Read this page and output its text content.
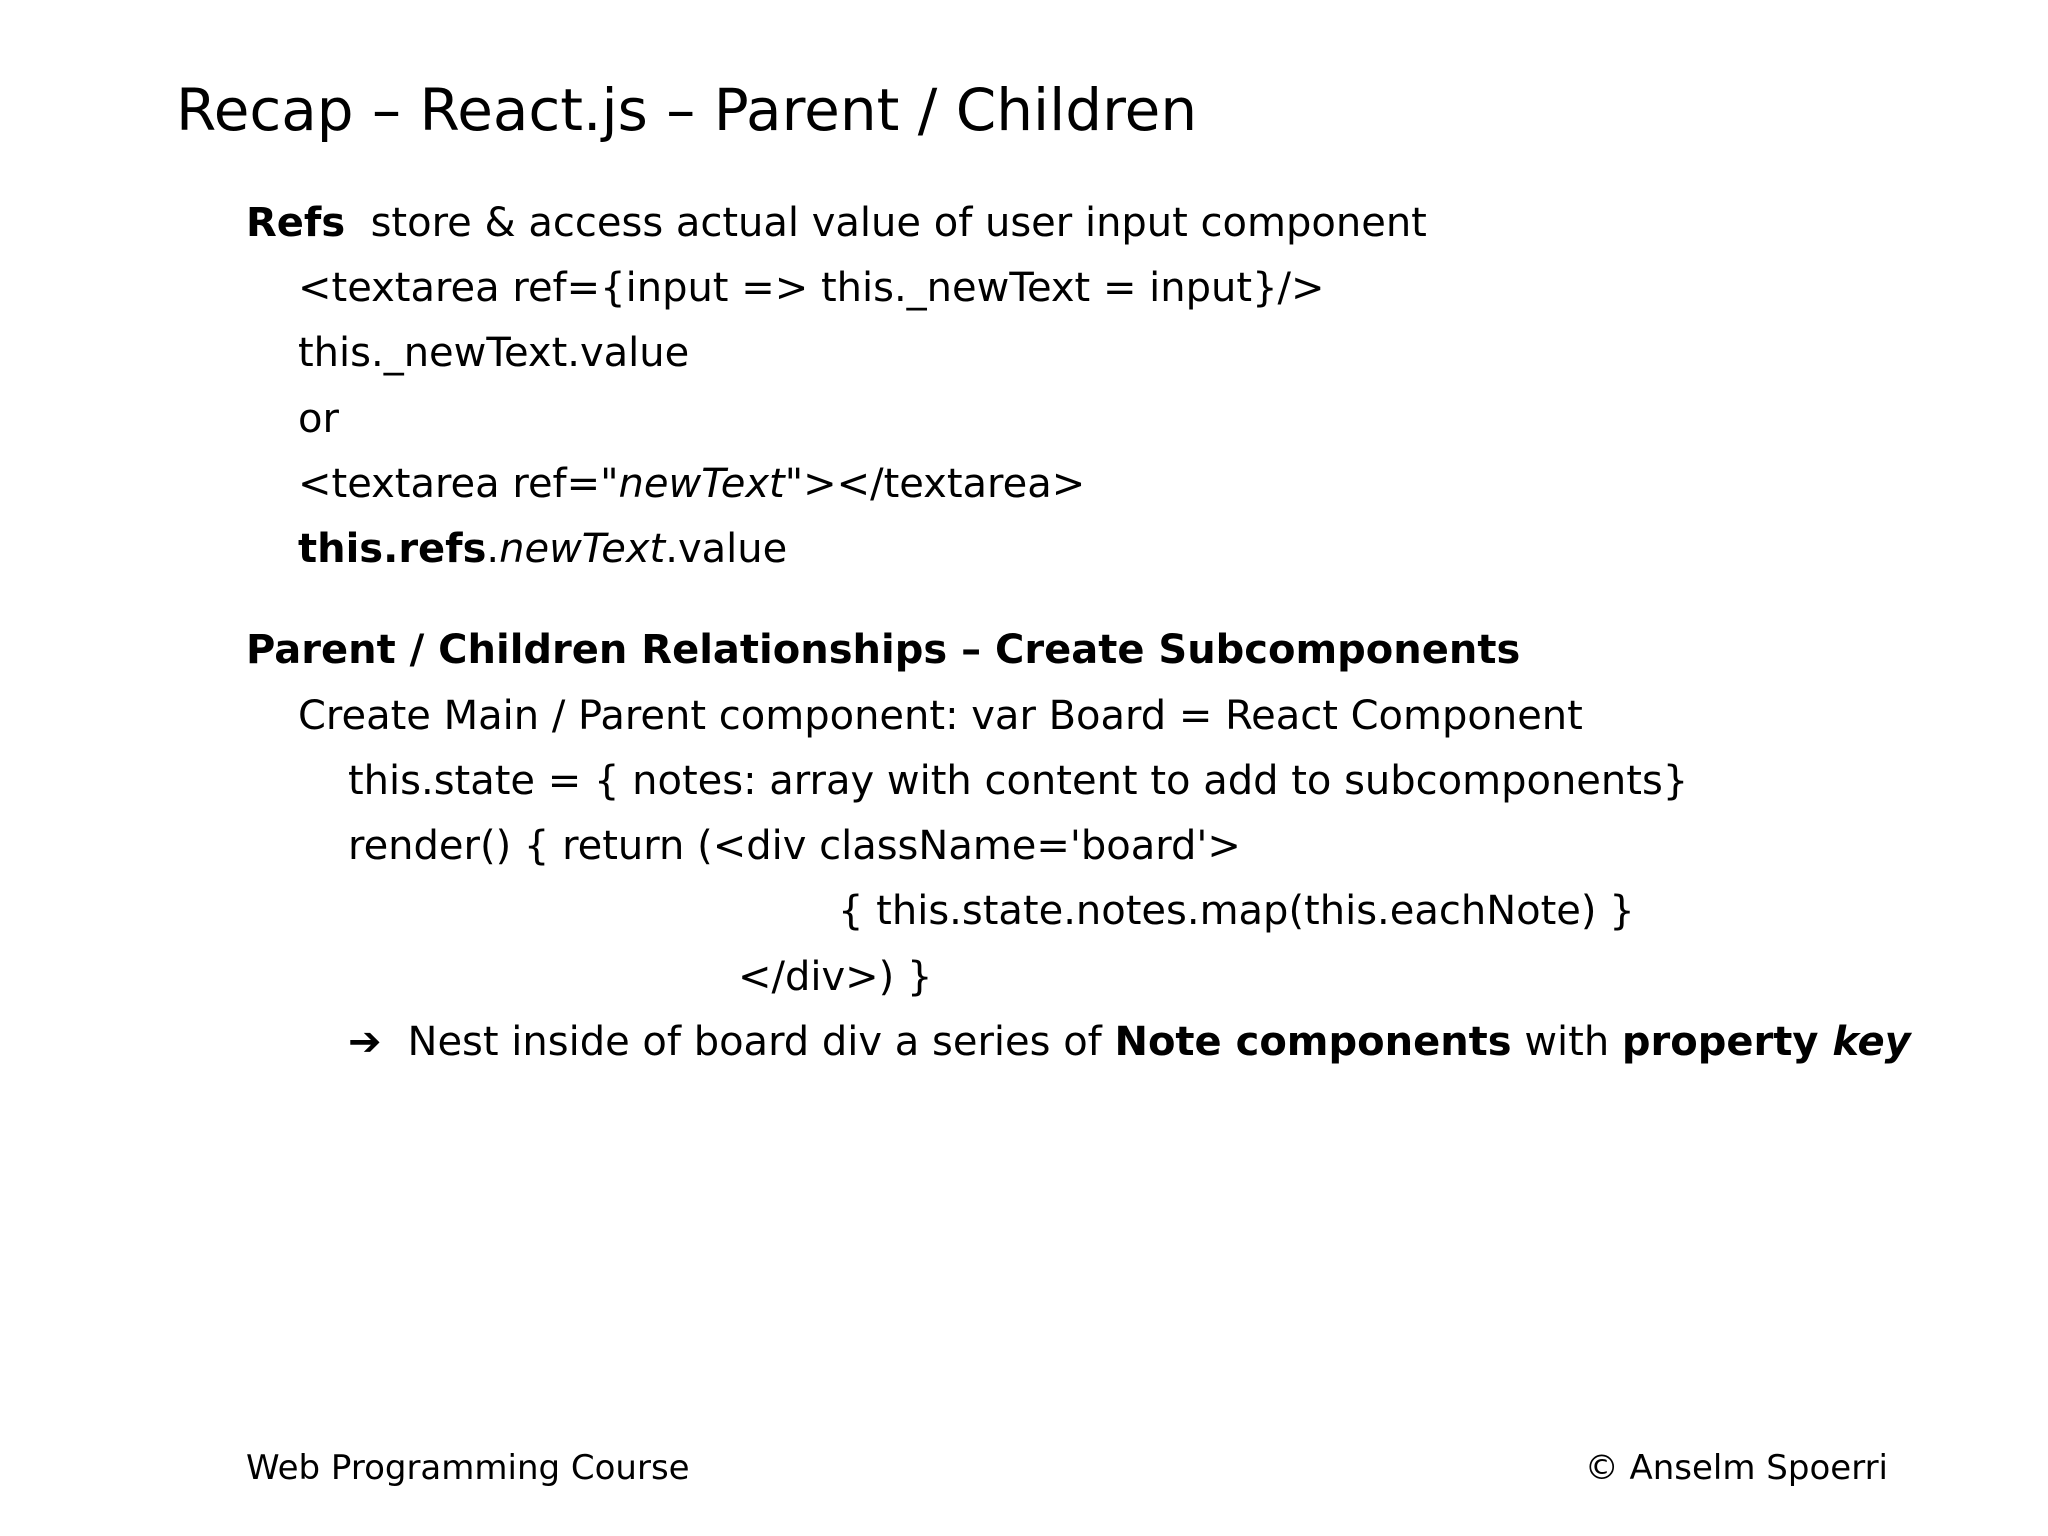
Recap – React.js – Parent / Children
Refs store & access actual value of user input component
<textarea ref={input => this._newText = input}/>
this._newText.value
or
<textarea ref="newText"></textarea>
this.refs.newText.value
Parent / Children Relationships – Create Subcomponents
Create Main / Parent component: var Board = React Component
this.state = { notes: array with content to add to subcomponents}
render() { return (<div className='board'>
{ this.state.notes.map(this.eachNote) }
</div>) }
➔ Nest inside of board div a series of Note components with property key
Web Programming Course	© Anselm Spoerri
